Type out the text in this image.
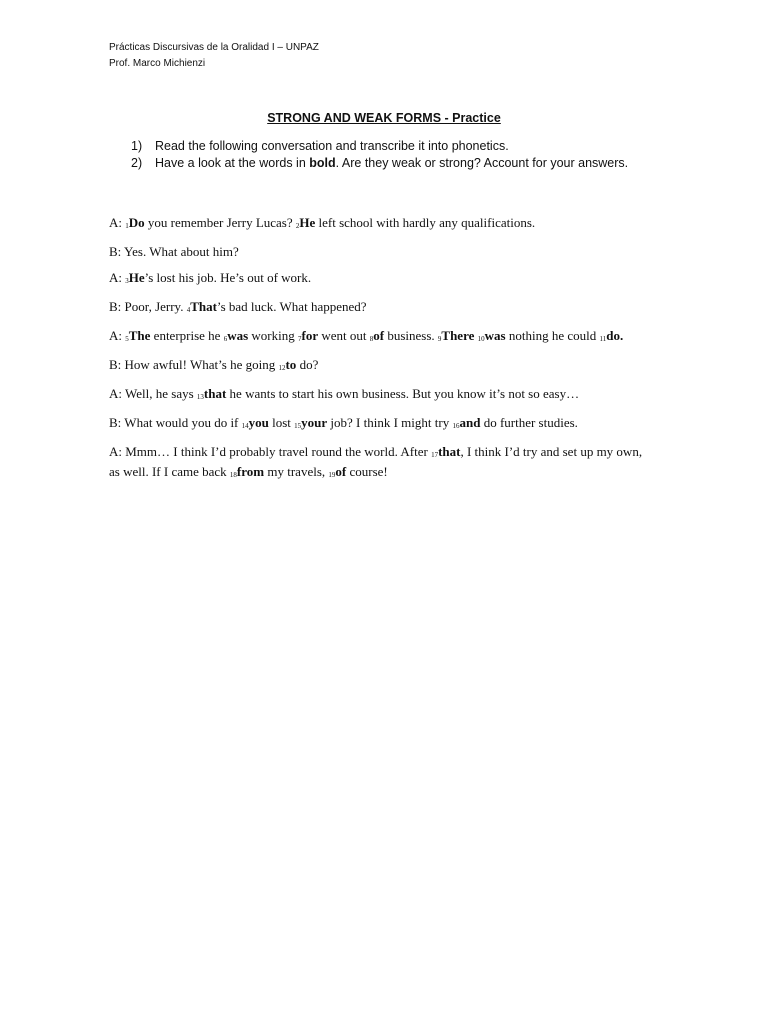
Prácticas Discursivas de la Oralidad I – UNPAZ
Prof. Marco Michienzi
STRONG AND WEAK FORMS - Practice
1)	Read the following conversation and transcribe it into phonetics.
2)	Have a look at the words in bold. Are they weak or strong? Account for your answers.
A: $_1$Do you remember Jerry Lucas? $_2$He left school with hardly any qualifications.
B: Yes. What about him?
A: $_3$He’s lost his job. He’s out of work.
B: Poor, Jerry. $_4$That’s bad luck. What happened?
A: $_5$The enterprise he $_6$was working $_7$for went out $_8$of business. $_9$There $_{10}$was nothing he could $_{11}$do.
B: How awful! What’s he going $_{12}$to do?
A: Well, he says $_{13}$that he wants to start his own business. But you know it’s not so easy…
B: What would you do if $_{14}$you lost $_{15}$your job? I think I might try $_{16}$and do further studies.
A: Mmm… I think I’d probably travel round the world. After $_{17}$that, I think I’d try and set up my own, as well. If I came back $_{18}$from my travels, $_{19}$of course!
